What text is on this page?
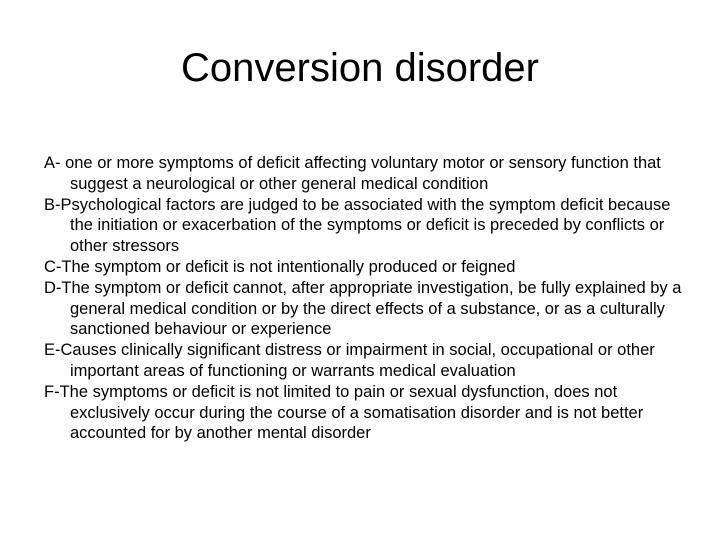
Conversion disorder
A- one or more symptoms of deficit affecting voluntary motor or sensory function that suggest a neurological or other general medical condition
B-Psychological factors are judged to be associated with the symptom deficit because the initiation or exacerbation of the symptoms or deficit is preceded by conflicts or other stressors
C-The symptom or deficit is not intentionally produced or feigned
D-The symptom or deficit cannot, after appropriate investigation, be fully explained by a general medical condition or by the direct effects of a substance, or as a culturally sanctioned behaviour or experience
E-Causes clinically significant distress or impairment in social, occupational or other important areas of functioning or warrants medical evaluation
F-The symptoms or deficit is not limited to pain or sexual dysfunction, does not exclusively occur during the course of a somatisation disorder and is not better accounted for by another mental disorder
